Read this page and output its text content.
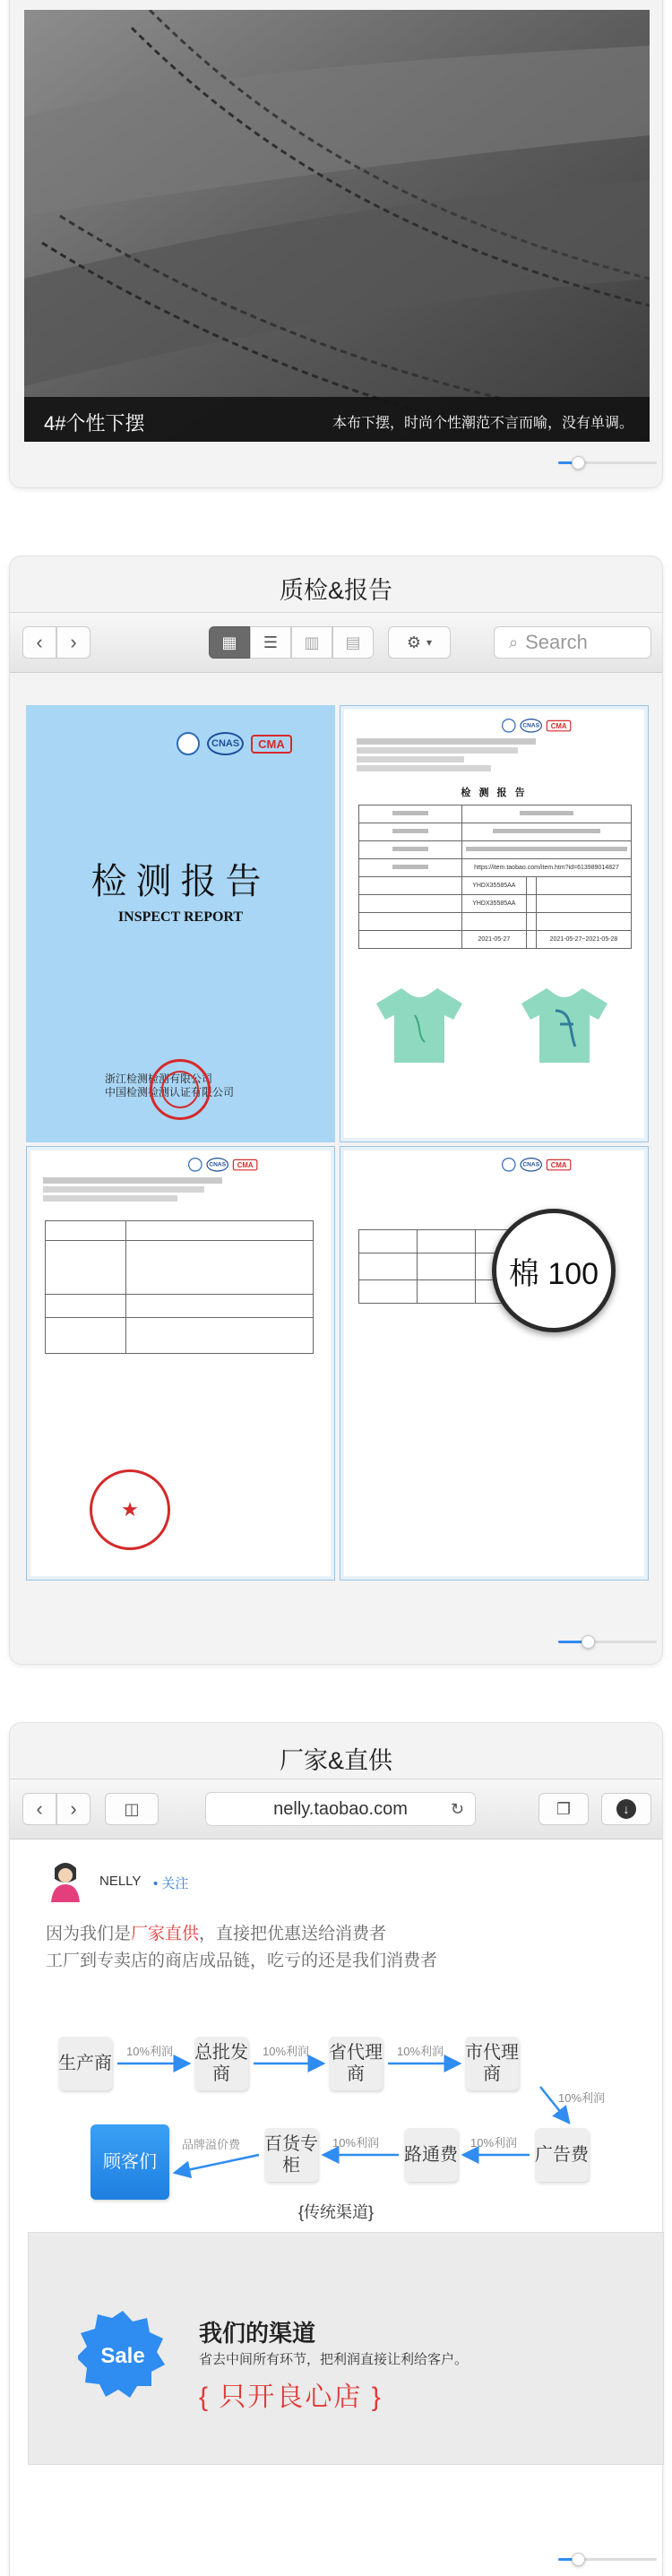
4#个性下摆	本布下摆，时尚个性潮范不言而喻，没有单调。
质检&报告
‹ ›	▦ ☰ ▥ ▤	⚙ ▾	⌕ Search
CNAS	CMA
检测报告
INSPECT REPORT
浙江检测检测有限公司
中国检测检测认证有限公司
CNAS CMA
检 测 报 告

	https://item.taobao.com/item.htm?id=613989014827		
	YHDX35585AA		
	YHDX35585AA		

	2021-05-27		2021-05-27~2021-05-28
CNAS CMA

★
CNAS CMA

棉 100
厂家&直供
‹ ›	◫	nelly.taobao.com	↻	❐	↓
NELLY • 关注
因为我们是厂家直供，直接把优惠送给消费者
工厂到专卖店的商店成品链，吃亏的还是我们消费者
生产商
总批发商
省代理商
市代理商
广告费
路通费
百货专柜
顾客们
10%利润	10%利润	10%利润
10%利润
10%利润
10%利润
品牌溢价费
{传统渠道}
Sale
我们的渠道
省去中间所有环节，把利润直接让利给客户。
{ 只开良心店 }
